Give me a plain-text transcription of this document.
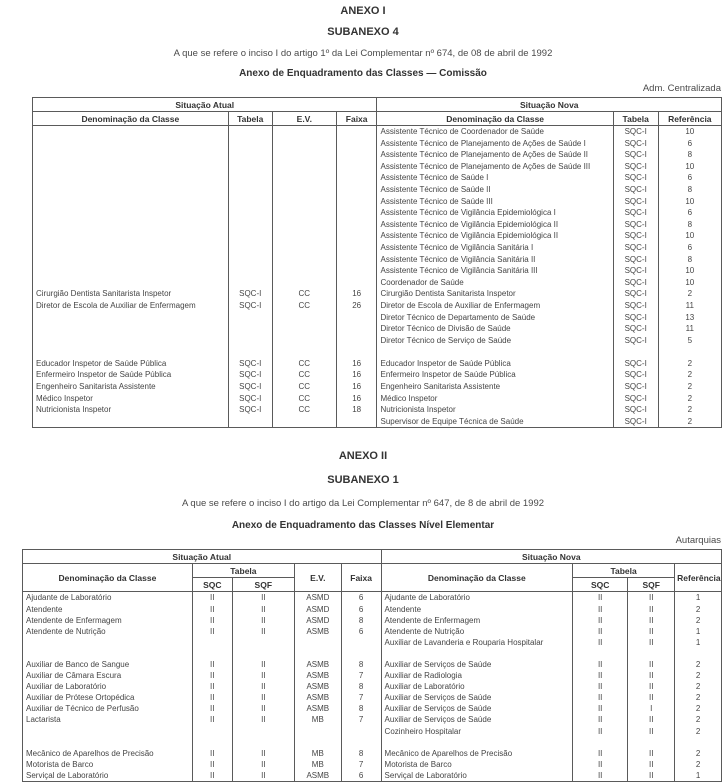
ANEXO I
SUBANEXO 4
A que se refere o inciso I do artigo 1º da Lei Complementar nº 674, de 08 de abril de 1992
Anexo de Enquadramento das Classes — Comissão
Adm. Centralizada
Situação Atual				Situação Nova		
Denominação da Classe	Tabela	E.V.	Faixa	Denominação da Classe	Tabela	Referência
				Assistente Técnico de Coordenador de Saúde	SQC-I	10
				Assistente Técnico de Planejamento de Ações de Saúde I	SQC-I	6
				Assistente Técnico de Planejamento de Ações de Saúde II	SQC-I	8
				Assistente Técnico de Planejamento de Ações de Saúde III	SQC-I	10
				Assistente Técnico de Saúde I	SQC-I	6
				Assistente Técnico de Saúde II	SQC-I	8
				Assistente Técnico de Saúde III	SQC-I	10
				Assistente Técnico de Vigilância Epidemiológica I	SQC-I	6
				Assistente Técnico de Vigilância Epidemiológica II	SQC-I	8
				Assistente Técnico de Vigilância Epidemiológica II	SQC-I	10
				Assistente Técnico de Vigilância Sanitária I	SQC-I	6
				Assistente Técnico de Vigilância Sanitária II	SQC-I	8
				Assistente Técnico de Vigilância Sanitária III	SQC-I	10
				Coordenador de Saúde	SQC-I	10
Cirurgião Dentista Sanitarista Inspetor	SQC-I	CC	16	Cirurgião Dentista Sanitarista Inspetor	SQC-I	2
Diretor de Escola de Auxiliar de Enfermagem	SQC-I	CC	26	Diretor de Escola de Auxiliar de Enfermagem	SQC-I	11
				Diretor Técnico de Departamento de Saúde	SQC-I	13
				Diretor Técnico de Divisão de Saúde	SQC-I	11
				Diretor Técnico de Serviço de Saúde	SQC-I	5

Educador Inspetor de Saúde Pública	SQC-I	CC	16	Educador Inspetor de Saúde Pública	SQC-I	2
Enfermeiro Inspetor de Saúde Pública	SQC-I	CC	16	Enfermeiro Inspetor de Saúde Pública	SQC-I	2
Engenheiro Sanitarista Assistente	SQC-I	CC	16	Engenheiro Sanitarista Assistente	SQC-I	2
Médico Inspetor	SQC-I	CC	16	Médico Inspetor	SQC-I	2
Nutricionista Inspetor	SQC-I	CC	18	Nutricionista Inspetor	SQC-I	2
				Supervisor de Equipe Técnica de Saúde	SQC-I	2
ANEXO II
SUBANEXO 1
A que se refere o inciso I do artigo da Lei Complementar nº 647, de 8 de abril de 1992
Anexo de Enquadramento das Classes Nível Elementar
Autarquias
Situação Atual					Situação Nova			
Denominação da Classe	Tabela		E.V.	Faixa	Denominação da Classe	Tabela		Referência
	SQC	SQF				SQC	SQF	
Ajudante de Laboratório	II	II	ASMD	6	Ajudante de Laboratório	II	II	1
Atendente	II	II	ASMD	6	Atendente	II	II	2
Atendente de Enfermagem	II	II	ASMD	8	Atendente de Enfermagem	II	II	2
Atendente de Nutrição	II	II	ASMB	6	Atendente de Nutrição	II	II	1
					Auxiliar de Lavanderia e Rouparia Hospitalar	II	II	1

Auxiliar de Banco de Sangue	II	II	ASMB	8	Auxiliar de Serviços de Saúde	II	II	2
Auxiliar de Câmara Escura	II	II	ASMB	7	Auxiliar de Radiologia	II	II	2
Auxiliar de Laboratório	II	II	ASMB	8	Auxiliar de Laboratório	II	II	2
Auxiliar de Prótese Ortopédica	II	II	ASMB	7	Auxiliar de Serviços de Saúde	II	II	2
Auxiliar de Técnico de Perfusão	II	II	ASMB	8	Auxiliar de Serviços de Saúde	II	I	2
Lactarista	II	II	MB	7	Auxiliar de Serviços de Saúde	II	II	2
					Cozinheiro Hospitalar	II	II	2

Mecânico de Aparelhos de Precisão	II	II	MB	8	Mecânico de Aparelhos de Precisão	II	II	2
Motorista de Barco	II	II	MB	7	Motorista de Barco	II	II	2
Serviçal de Laboratório	II	II	ASMB	6	Serviçal de Laboratório	II	II	1
